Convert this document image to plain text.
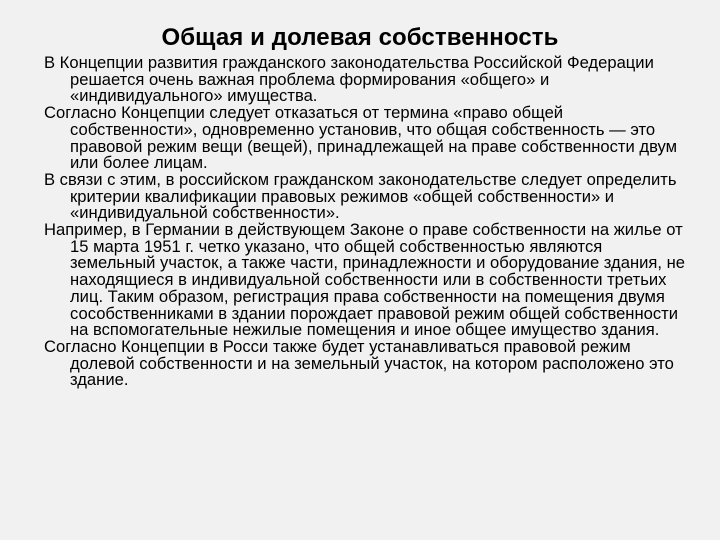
Общая и долевая собственность

В Концепции развития гражданского законодательства Российской Федерации решается очень важная проблема формирования «общего» и «индивидуального» имущества.

Согласно Концепции следует отказаться от термина «право общей собственности», одновременно установив, что общая собственность — это правовой режим вещи (вещей), принадлежащей на праве собственности двум или более лицам.

В связи с этим, в российском гражданском законодательстве следует определить критерии квалификации правовых режимов «общей собственности» и «индивидуальной собственности».

Например, в Германии в действующем Законе о праве собственности на жилье от 15 марта 1951 г. четко указано, что общей собственностью являются земельный участок, а также части, принадлежности и оборудование здания, не находящиеся в индивидуальной собственности или в собственности третьих лиц. Таким образом, регистрация права собственности на помещения двумя сособственниками в здании порождает правовой режим общей собственности на вспомогательные нежилые помещения и иное общее имущество здания.

Согласно Концепции в Росси также будет устанавливаться правовой режим долевой собственности и на земельный участок, на котором расположено это здание.
